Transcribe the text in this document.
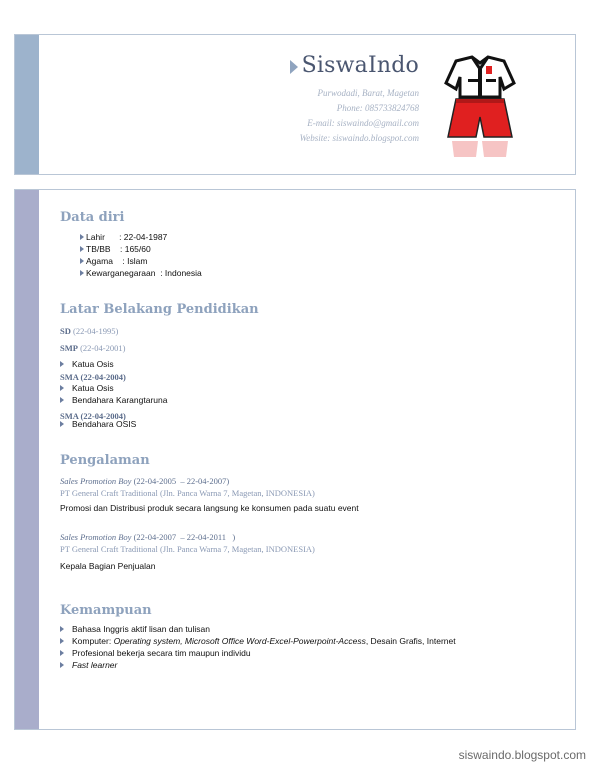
SiswaIndo
Purwodadi, Barat, Magetan
Phone: 085733824768
E-mail: siswaindo@gmail.com
Website: siswaindo.blogspot.com
Data diri
Lahir      : 22-04-1987
TB/BB    : 165/60
Agama    : Islam
Kewarganegaraan  : Indonesia
Latar Belakang Pendidikan
SD (22-04-1995)
SMP (22-04-2001)
Katua Osis
SMA (22-04-2004)
Katua Osis
Bendahara Karangtaruna
SMA (22-04-2004)
Bendahara OSIS
Pengalaman
Sales Promotion Boy (22-04-2005  – 22-04-2007)
PT General Craft Traditional (Jln. Panca Warna 7, Magetan, INDONESIA)
Promosi dan Distribusi produk secara langsung ke konsumen pada suatu event
Sales Promotion Boy (22-04-2007  – 22-04-2011   )
PT General Craft Traditional (Jln. Panca Warna 7, Magetan, INDONESIA)
Kepala Bagian Penjualan
Kemampuan
Bahasa Inggris aktif lisan dan tulisan
Komputer: Operating system, Microsoft Office Word-Excel-Powerpoint-Access, Desain Grafis, Internet
Profesional bekerja secara tim maupun individu
Fast learner
siswaindo.blogspot.com
